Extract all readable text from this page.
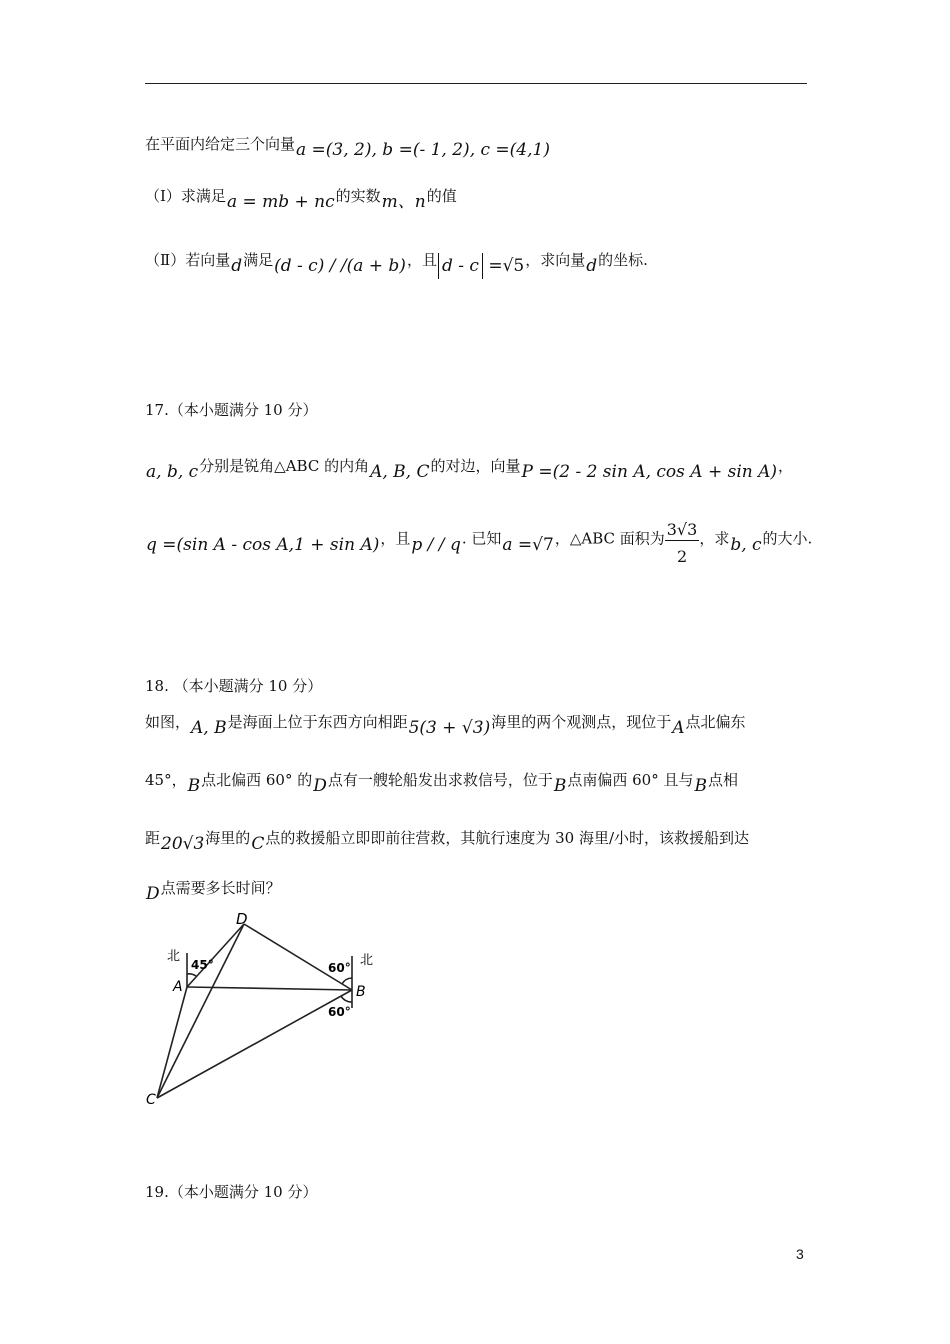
在平面内给定三个向量a =(3, 2), b =(- 1, 2), c =(4,1)
（Ⅰ）求满足a = mb + nc的实数m、n的值
（Ⅱ）若向量d满足(d - c) / /(a + b)，且 d - c =√5，求向量d的坐标.
17.（本小题满分 10 分）
a, b, c分别是锐角△ABC 的内角A, B, C的对边，向量P =(2 - 2 sin A, cos A + sin A)，
q =(sin A - cos A,1 + sin A)，且p / / q. 已知a =√7，△ABC 面积为 $\frac{3√3}{2}$ ，求b, c的大小.
18. （本小题满分 10 分）
如图，A, B是海面上位于东西方向相距5(3 + √3)海里的两个观测点，现位于A点北偏东
45°，B点北偏西 60° 的D点有一艘轮船发出求救信号，位于B点南偏西 60° 且与B点相
距20√3海里的C点的救援船立即即前往营救，其航行速度为 30 海里/小时，该救援船到达
D点需要多长时间？
D
A	B
C
北	北
45°	60°
60°
19.（本小题满分 10 分）
3
